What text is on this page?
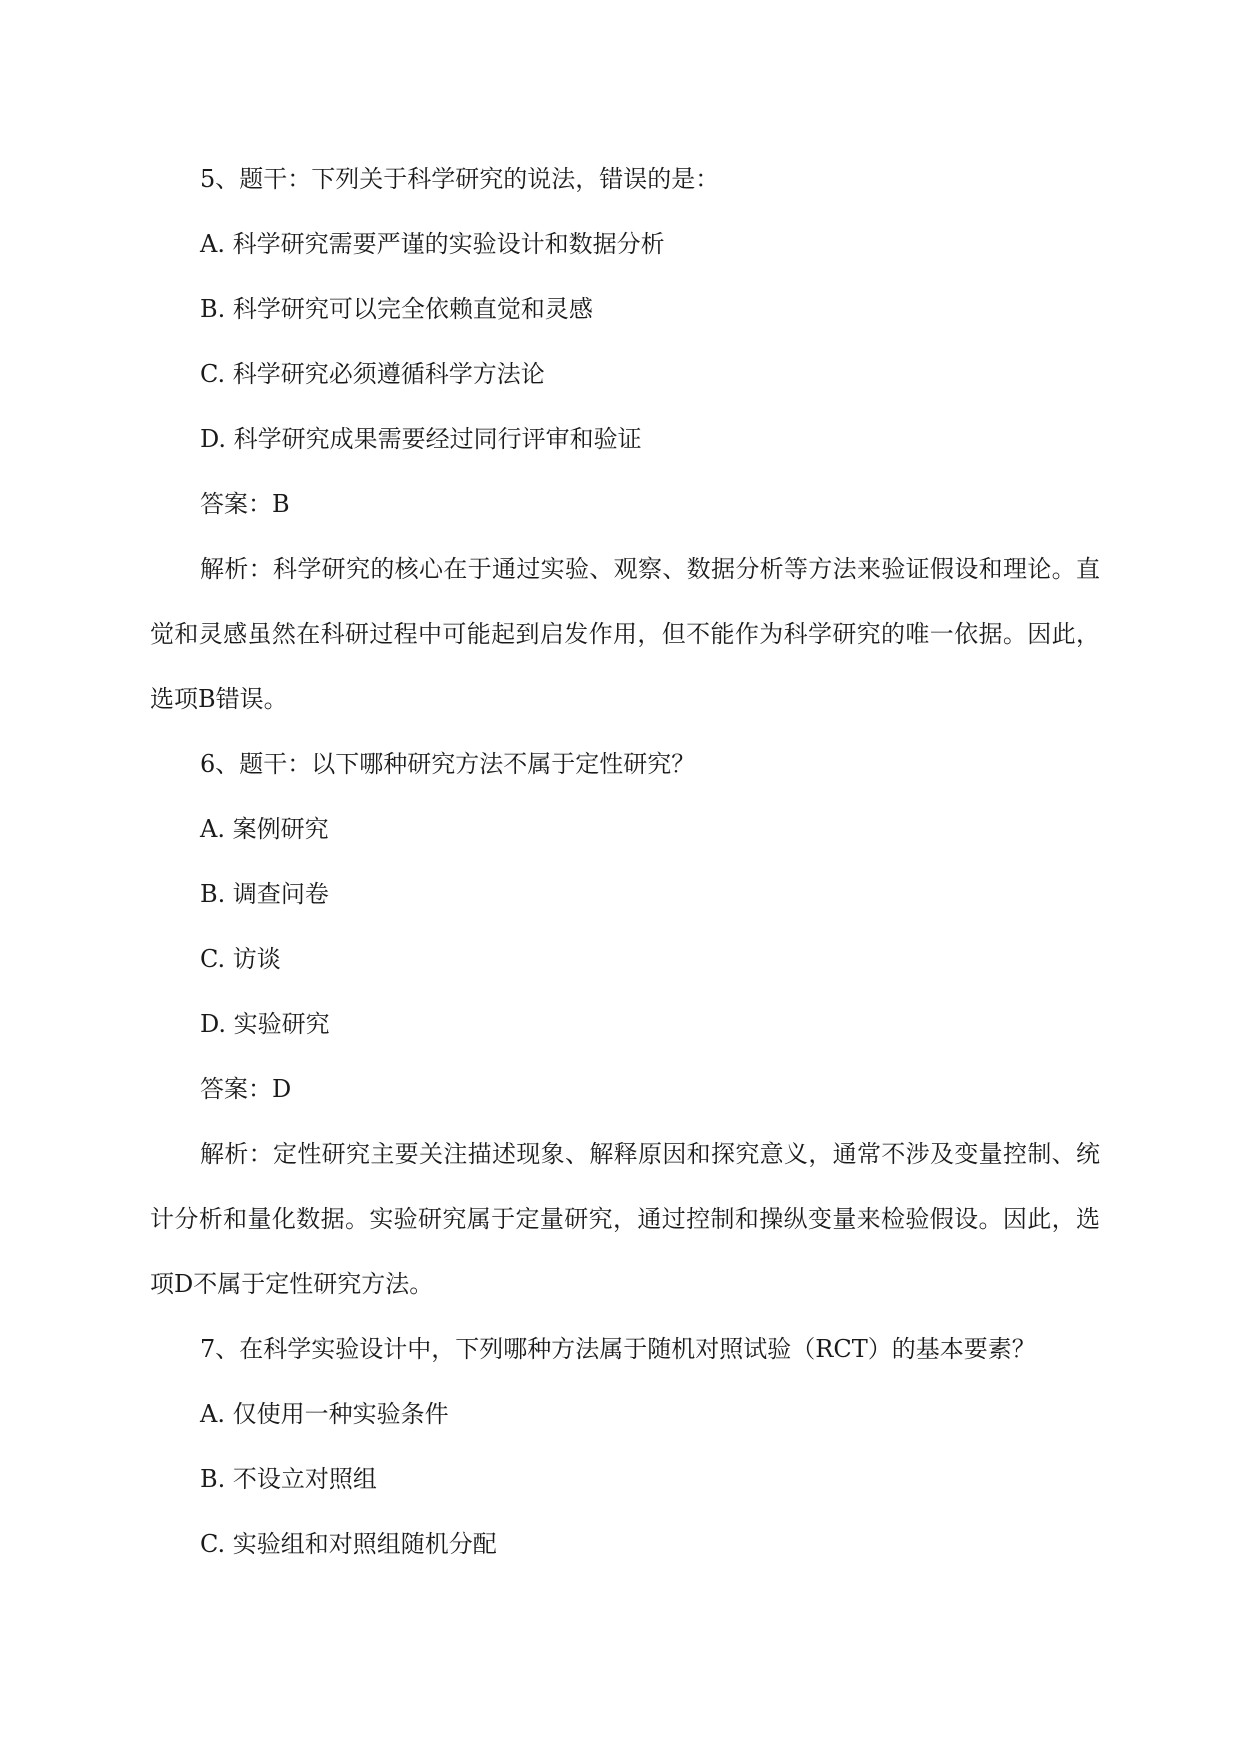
5、题干：下列关于科学研究的说法，错误的是：
A. 科学研究需要严谨的实验设计和数据分析
B. 科学研究可以完全依赖直觉和灵感
C. 科学研究必须遵循科学方法论
D. 科学研究成果需要经过同行评审和验证
答案：B

解析：科学研究的核心在于通过实验、观察、数据分析等方法来验证假设和理论。直觉和灵感虽然在科研过程中可能起到启发作用，但不能作为科学研究的唯一依据。因此，选项B错误。

6、题干：以下哪种研究方法不属于定性研究？
A. 案例研究
B. 调查问卷
C. 访谈
D. 实验研究
答案：D

解析：定性研究主要关注描述现象、解释原因和探究意义，通常不涉及变量控制、统计分析和量化数据。实验研究属于定量研究，通过控制和操纵变量来检验假设。因此，选项D不属于定性研究方法。

7、在科学实验设计中，下列哪种方法属于随机对照试验（RCT）的基本要素？
A. 仅使用一种实验条件
B. 不设立对照组
C. 实验组和对照组随机分配
